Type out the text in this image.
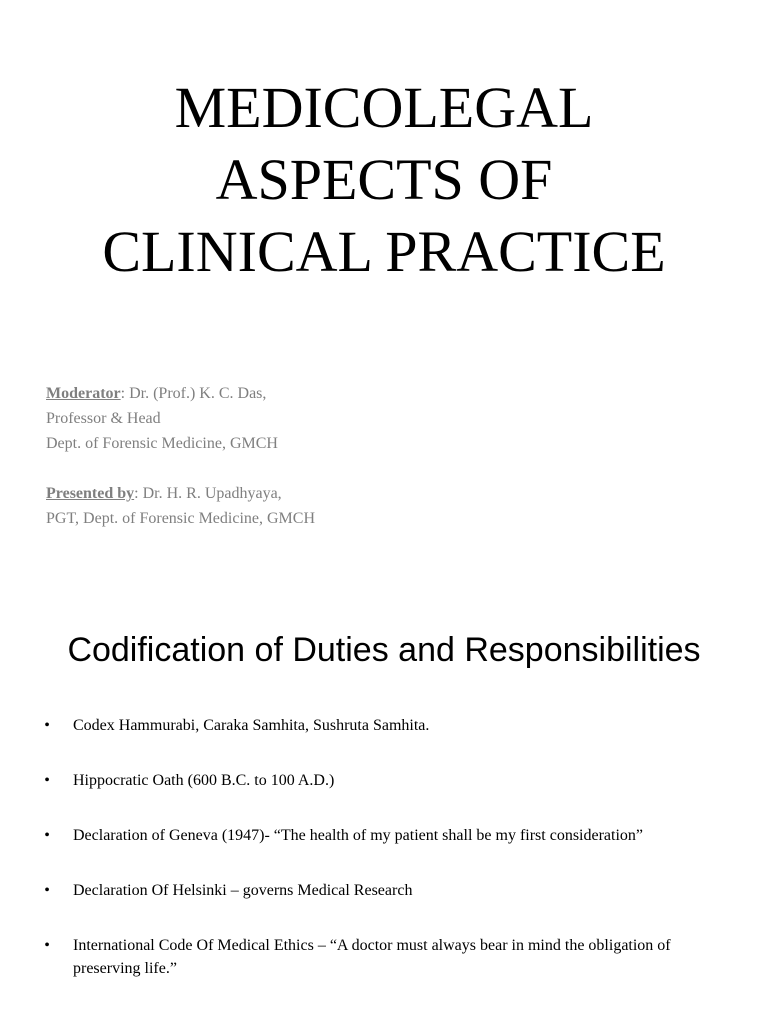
MEDICOLEGAL
ASPECTS OF
CLINICAL PRACTICE
Moderator: Dr. (Prof.) K. C. Das,
Professor & Head
Dept. of Forensic Medicine, GMCH
Presented by: Dr. H. R. Upadhyaya,
PGT, Dept. of Forensic Medicine, GMCH
Codification of Duties and Responsibilities
• Codex Hammurabi, Caraka Samhita, Sushruta Samhita.
• Hippocratic Oath (600 B.C. to 100 A.D.)
• Declaration of Geneva (1947)- “The health of my patient shall be my first consideration”
• Declaration Of Helsinki – governs Medical Research
• International Code Of Medical Ethics – “A doctor must always bear in mind the obligation of preserving life.”
